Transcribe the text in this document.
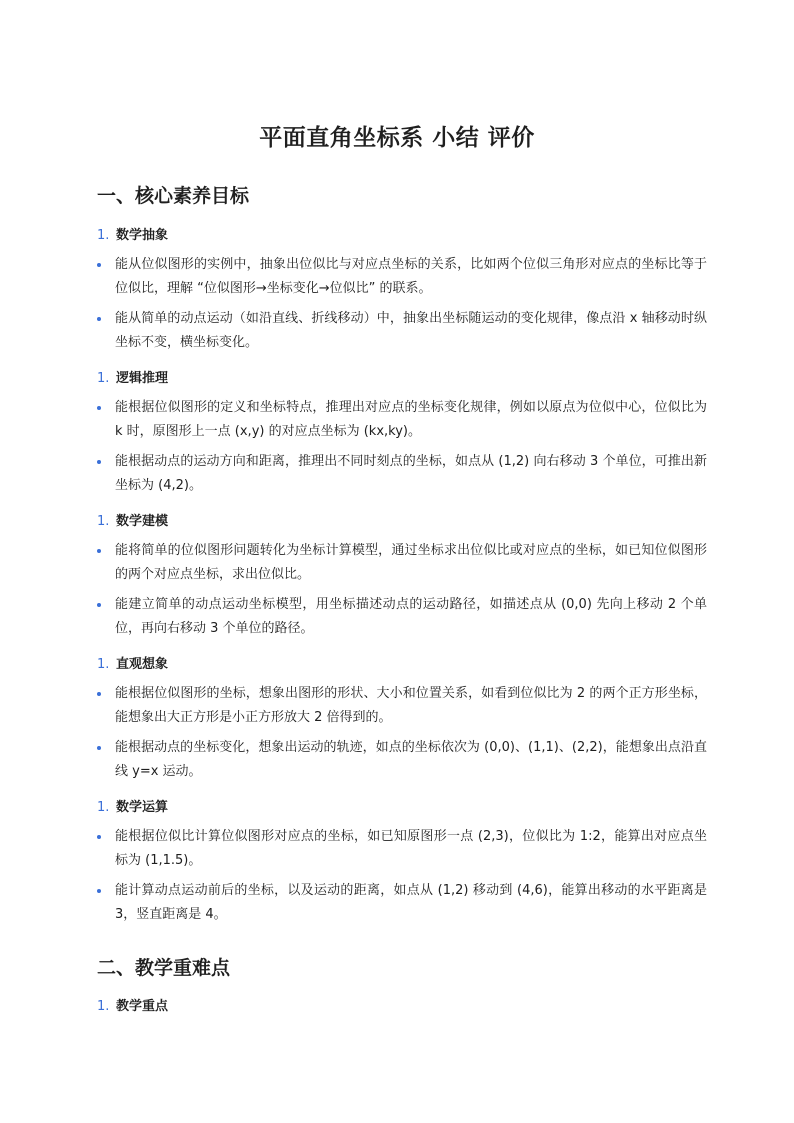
平面直角坐标系 小结 评价
一、核心素养目标
1. 数学抽象
能从位似图形的实例中，抽象出位似比与对应点坐标的关系，比如两个位似三角形对应点的坐标比等于位似比，理解 “位似图形→坐标变化→位似比” 的联系。
能从简单的动点运动（如沿直线、折线移动）中，抽象出坐标随运动的变化规律，像点沿 x 轴移动时纵坐标不变，横坐标变化。
1. 逻辑推理
能根据位似图形的定义和坐标特点，推理出对应点的坐标变化规律，例如以原点为位似中心，位似比为 k 时，原图形上一点 (x,y) 的对应点坐标为 (kx,ky)。
能根据动点的运动方向和距离，推理出不同时刻点的坐标，如点从 (1,2) 向右移动 3 个单位，可推出新坐标为 (4,2)。
1. 数学建模
能将简单的位似图形问题转化为坐标计算模型，通过坐标求出位似比或对应点的坐标，如已知位似图形的两个对应点坐标，求出位似比。
能建立简单的动点运动坐标模型，用坐标描述动点的运动路径，如描述点从 (0,0) 先向上移动 2 个单位，再向右移动 3 个单位的路径。
1. 直观想象
能根据位似图形的坐标，想象出图形的形状、大小和位置关系，如看到位似比为 2 的两个正方形坐标，能想象出大正方形是小正方形放大 2 倍得到的。
能根据动点的坐标变化，想象出运动的轨迹，如点的坐标依次为 (0,0)、(1,1)、(2,2)，能想象出点沿直线 y=x 运动。
1. 数学运算
能根据位似比计算位似图形对应点的坐标，如已知原图形一点 (2,3)，位似比为 1:2，能算出对应点坐标为 (1,1.5)。
能计算动点运动前后的坐标，以及运动的距离，如点从 (1,2) 移动到 (4,6)，能算出移动的水平距离是 3，竖直距离是 4。
二、教学重难点
1. 教学重点
